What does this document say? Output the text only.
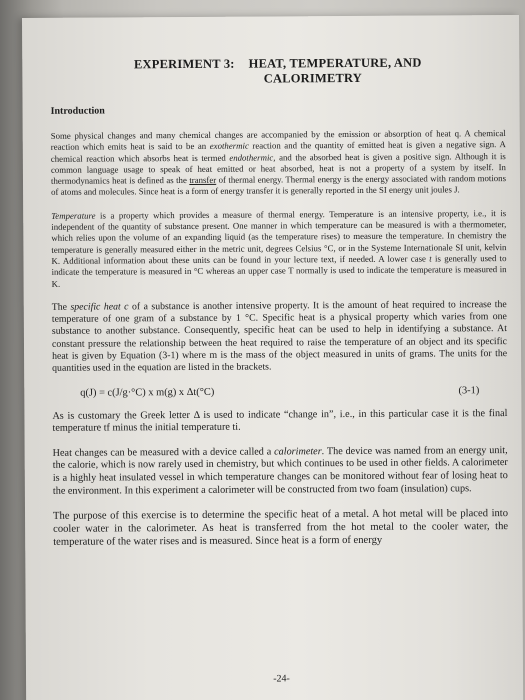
EXPERIMENT 3: HEAT, TEMPERATURE, AND
CALORIMETRY
Introduction

Some physical changes and many chemical changes are accompanied by the emission or absorption of heat q. A chemical reaction which emits heat is said to be an exothermic reaction and the quantity of emitted heat is given a negative sign. A chemical reaction which absorbs heat is termed endothermic, and the absorbed heat is given a positive sign. Although it is common language usage to speak of heat emitted or heat absorbed, heat is not a property of a system by itself. In thermodynamics heat is defined as the transfer of thermal energy. Thermal energy is the energy associated with random motions of atoms and molecules. Since heat is a form of energy transfer it is generally reported in the SI energy unit joules J.

Temperature is a property which provides a measure of thermal energy. Temperature is an intensive property, i.e., it is independent of the quantity of substance present. One manner in which temperature can be measured is with a thermometer, which relies upon the volume of an expanding liquid (as the temperature rises) to measure the temperature. In chemistry the temperature is generally measured either in the metric unit, degrees Celsius °C, or in the Systeme Internationale SI unit, kelvin K. Additional information about these units can be found in your lecture text, if needed. A lower case t is generally used to indicate the temperature is measured in °C whereas an upper case T normally is used to indicate the temperature is measured in K.

The specific heat c of a substance is another intensive property. It is the amount of heat required to increase the temperature of one gram of a substance by 1 °C. Specific heat is a physical property which varies from one substance to another substance. Consequently, specific heat can be used to help in identifying a substance. At constant pressure the relationship between the heat required to raise the temperature of an object and its specific heat is given by Equation (3-1) where m is the mass of the object measured in units of grams. The units for the quantities used in the equation are listed in the brackets.

q(J) = c(J/g·°C) x m(g) x Δt(°C)	(3-1)

As is customary the Greek letter Δ is used to indicate “change in”, i.e., in this particular case it is the final temperature tf minus the initial temperature ti.

Heat changes can be measured with a device called a calorimeter. The device was named from an energy unit, the calorie, which is now rarely used in chemistry, but which continues to be used in other fields. A calorimeter is a highly heat insulated vessel in which temperature changes can be monitored without fear of losing heat to the environment. In this experiment a calorimeter will be constructed from two foam (insulation) cups.

The purpose of this exercise is to determine the specific heat of a metal. A hot metal will be placed into cooler water in the calorimeter. As heat is transferred from the hot metal to the cooler water, the temperature of the water rises and is measured. Since heat is a form of energy

-24-
